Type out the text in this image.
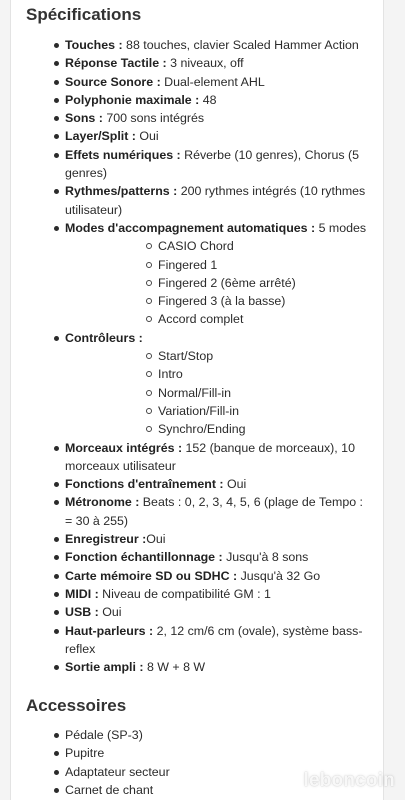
Spécifications
Touches : 88 touches, clavier Scaled Hammer Action
Réponse Tactile : 3 niveaux, off
Source Sonore : Dual-element AHL
Polyphonie maximale : 48
Sons : 700 sons intégrés
Layer/Split : Oui
Effets numériques : Réverbe (10 genres), Chorus (5 genres)
Rythmes/patterns : 200 rythmes intégrés (10 rythmes utilisateur)
Modes d'accompagnement automatiques : 5 modes
CASIO Chord
Fingered 1
Fingered 2 (6ème arrêté)
Fingered 3 (à la basse)
Accord complet
Contrôleurs :
Start/Stop
Intro
Normal/Fill-in
Variation/Fill-in
Synchro/Ending
Morceaux intégrés : 152 (banque de morceaux), 10 morceaux utilisateur
Fonctions d'entraînement : Oui
Métronome : Beats : 0, 2, 3, 4, 5, 6 (plage de Tempo : = 30 à 255)
Enregistreur :Oui
Fonction échantillonnage : Jusqu'à 8 sons
Carte mémoire SD ou SDHC : Jusqu'à 32 Go
MIDI : Niveau de compatibilité GM : 1
USB : Oui
Haut-parleurs : 2, 12 cm/6 cm (ovale), système bass-reflex
Sortie ampli : 8 W + 8 W
Accessoires
Pédale (SP-3)
Pupitre
Adaptateur secteur
Carnet de chant	leboncoin
